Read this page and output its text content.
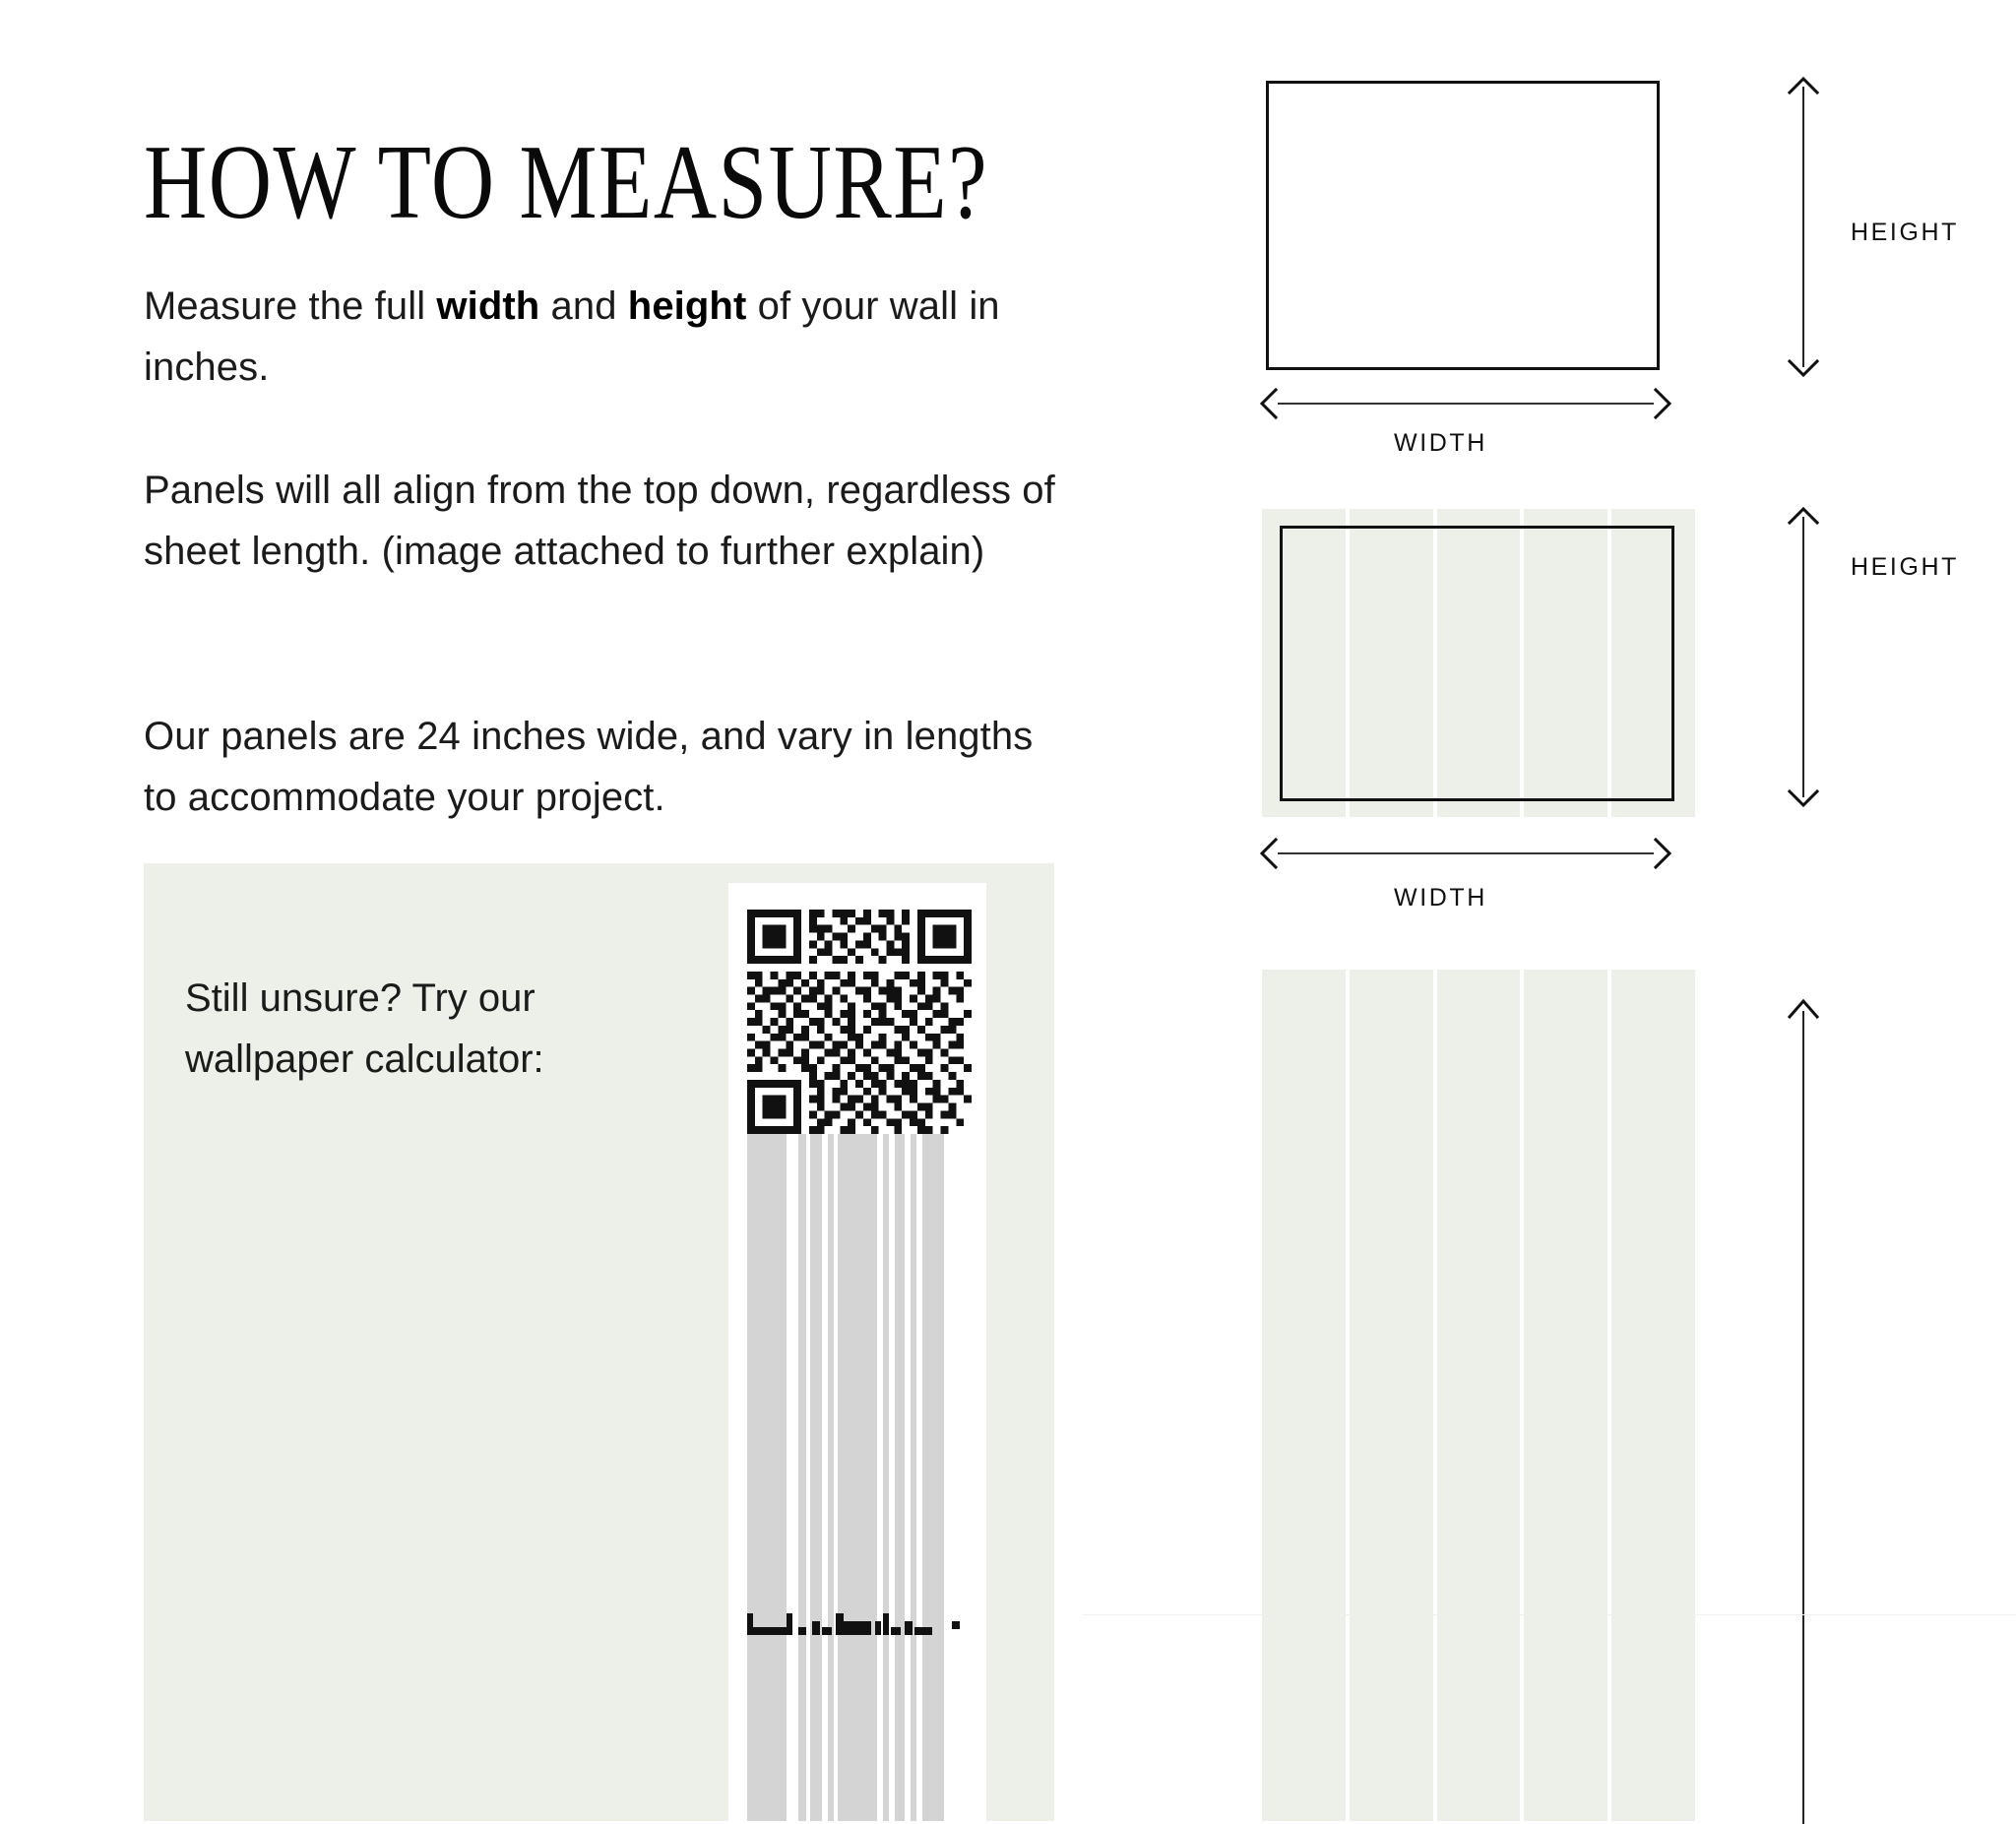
HOW TO MEASURE?

Measure the full width and height of your wall in inches.

Panels will all align from the top down, regardless of sheet length. (image attached to further explain)

Our panels are 24 inches wide, and vary in lengths to accommodate your project.

Still unsure? Try our wallpaper calculator:
HEIGHT
WIDTH
HEIGHT
WIDTH
